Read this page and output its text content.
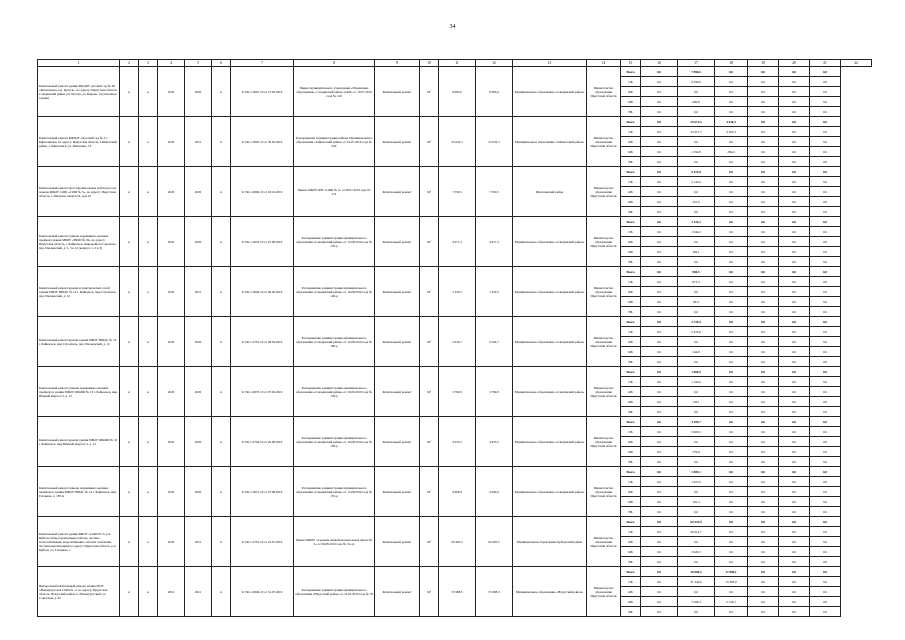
34
1	2	3	4	5	6	7	8	9	10	11	12	13	14	15	16	17	18	19	20	21	22
Капитальный ремонт здания МКДОУ детский сад № 48 «Капитошка» р.п. Култук», по адресу: Иркутская область, Слюдянский район, рп. Култук, ул. Кирова, 14 (Основное здание)	н	н	2020	2020	н	9/156-1-0007-19 от 27.05.2019	Приказ муниципального учреждения «Управление образования», Слюдянский район «СКО» от 19.07.2019 года № 149	Капитальный ремонт	М²	9 083,6	9 083,6	Муниципальное образование «Слюдянский район»	Министерство образования Иркутской области	Всего	0,0	7 890,6	0,0	0,0	0,0	0,0	
														ОБ	0,0	6 599,9	0,0	0,0	0,0	0,0	
														ФБ	0,0	0,0	0,0	0,0	0,0	0,0	
														МБ	0,0	690,8	0,0	0,0	0,0	0,0	
														ВБ	0,0	0,0	0,0	0,0	0,0	0,0	
Капитальный ремонт МБДОУ «Детский сад № 3 г. Бирюсинска» по адресу: Иркутская область, Тайшетский район, г. Бирюсинск, ул. Шевченко, 14	н	к	2020	2021	н	9/156-1-0020-19 от 30.05.2019	Распоряжение Администрации района Муниципального образования «Тайшетский район» от 19.07.2019 года № 620	Капитальный ремонт	М²	25 632,5	25 632,5	Муниципальное образование «Тайшетский район»	Министерство образования Иркутской области	Всего	0,0	25 672,5	4 646,3	0,0	0,0	0,0	
														ОБ	0,0	24 317,7	4 502,3	0,0	0,0	0,0	
														ФБ	0,0	0,0	0,0	0,0	0,0	0,0	
														МБ	0,0	1 354,8	284,0	0,0	0,0	0,0	
														ВБ	0,0	0,0	0,0	0,0	0,0	0,0	
Капитальный ремонт (восстановительные работы) после пожара МКОУ СОШ «СОШ № 5», по адресу: Иркутская область, г. Шелехов, квартал 8, дом 19	н	н	2020	2020	н	9/156-1-0060-19 от 18.10.2019	Приказ МКОУ ШР «СОШ № 5» от 08.07.2019 года № 272	Капитальный ремонт	М²	7 350,5	7 350,5	Шелеховский район	Министерство образования Иркутской области	Всего	0,0	5 475,8	0,0	0,0	0,0	0,0	
														ОБ	0,0	5 143,9	0,0	0,0	0,0	0,0	
														ФБ	0,0	0,0	0,0	0,0	0,0	0,0	
														МБ	0,0	331,9	0,0	0,0	0,0	0,0	
														ВБ	0,0	0,0	0,0	0,0	0,0	0,0	
Капитальный ремонт (замена деревянных оконных проёмов) здания МБОУ «НОШ № 36» по адресу: Иркутская область, г. Байкальск, микрорайон Строитель, пер. Пионерский, д. 3, 3 в 12 (корпуса 1, 2 и 3)	н	н	2020	2020	н	9/156-1-0052-19 от 07.08.2019	Распоряжение администрации муниципального образования «Слюдянский район» от 15.08.2019 года № 176-р	Капитальный ремонт	М²	4 971,3	4 971,3	Муниципальное образование «Слюдянский район»	Министерство образования Иркутской области	Всего	0,0	2 124,2	0,0	0,0	0,0	0,0	
														ОБ	0,0	1 942,2	0,0	0,0	0,0	0,0	
														ФБ	0,0	0,0	0,0	0,0	0,0	0,0	
														МБ	0,0	182,1	0,0	0,0	0,0	0,0	
														ВБ	0,0	0,0	0,0	0,0	0,0	0,0	
Капитальный ремонт кровли и электрических сетей здания МБОУ НШДС № 16 г. Байкальск, мкр Строитель, пер. Пионерский, д. 12	н	к	2020	2021	н	9/156-1-0049-19 от 06.06.2019	Распоряжение администрации муниципального образования «Слюдянский район» от 16.08.2019 года № 149-р	Капитальный ремонт	М²	1 350,5	1 350,5	Муниципальное образование «Слюдянский район»	Министерство образования Иркутской области	Всего	0,0	980,5	0,0	0,0	0,0	0,0	
														ОБ	0,0	871,3	0,0	0,0	0,0	0,0	
														ФБ	0,0	0,0	0,0	0,0	0,0	0,0	
														МБ	0,0	80,3	0,0	0,0	0,0	0,0	
														ВБ	0,0	0,0	0,0	0,0	0,0	0,0	
Капитальный ремонт кровли здания МБОУ НШДС № 16 г. Байкальск, мкр Строитель, пер. Пионерский, д. 12	н	н	2020	2020	н	9/156-1-0791-19 от 28.03.2019	Распоряжение администрации муниципального образования «Слюдянский район» от 12.08.2019 года № 190-р	Капитальный ремонт	М²	2 619,7	4 564,7	Муниципальное образование «Слюдянский район»	Министерство образования Иркутской области	Всего	0,0	2 719,4	0,0	0,0	0,0	0,0	
														ОБ	0,0	2 479,6	0,0	0,0	0,0	0,0	
														ФБ	0,0	0,0	0,0	0,0	0,0	0,0	
														МБ	0,0	244,8	0,0	0,0	0,0	0,0	
														ВБ	0,0	0,0	0,0	0,0	0,0	0,0	
Капитальный ремонт (замена деревянных оконных проёмов) в здании МБОУ ШКОШ № 10 г. Байкальск, мкр Южный квартал 3, д. 13	н	н	2020	2020	н	9/156-1-0037-19 от 07.06.2019	Распоряжение администрации муниципального образования «Слюдянский район» от 20.06.2019 года № 159-р	Капитальный ремонт	М²	3 790,9	3 790,9	Муниципальное образование «Слюдянский район»	Министерство образования Иркутской области	Всего	0,0	1 060,9	0,0	0,0	0,0	0,0	
														ОБ	0,0	1 106,6	0,0	0,0	0,0	0,0	
														ФБ	0,0	0,0	0,0	0,0	0,0	0,0	
														МБ	0,0	143,1	0,0	0,0	0,0	0,0	
														ВБ	0,0	0,0	0,0	0,0	0,0	0,0	
Капитальный ремонт кровли здания МБОУ ШКОШ № 10 г. Байкальск, мкр Южный квартал 3, д. 13	н	н	2020	2020	н	9/156-1-0794-19 от 20.08.2019	Распоряжение администрации муниципального образования «Слюдянский район» от 16.08.2019 года № 159-р	Капитальный ремонт	М²	4 655,5	4 655,5	Муниципальное образование «Слюдянский район»	Министерство образования Иркутской области	Всего	0,0	4 299,7	0,0	0,0	0,0	0,0	
														ОБ	0,0	3 963,5	0,0	0,0	0,0	0,0	
														ФБ	0,0	0,0	0,0	0,0	0,0	0,0	
														МБ	0,0	279,9	0,0	0,0	0,0	0,0	
														ВБ	0,0	0,0	0,0	0,0	0,0	0,0	
Капитальный ремонт (замена деревянных оконных проёмов) в здании МБОУ НШДС № 16 г. Байкальск, мкр Гагарина, д. 185/А	н	н	2020	2020	н	9/156-1-0051-19 от 07.08.2019	Распоряжение администрации муниципального образования «Слюдянский район» от 15.08.2019 года № 155-р	Капитальный ремонт	М²	4 069,8	4 069,6	Муниципальное образование «Слюдянский район»	Министерство образования Иркутской области	Всего	0,0	1 809,1	0,0	0,0	0,0	0,0	
														ОБ	0,0	1 627,9	0,0	0,0	0,0	0,0	
														ФБ	0,0	0,0	0,0	0,0	0,0	0,0	
														МБ	0,0	181,3	0,0	0,0	0,0	0,0	
														ВБ	0,0	0,0	0,0	0,0	0,0	0,0	
Капитальный ремонт здания МБОУ «СОШ № 3» р.п. Куйтун (общестроительные работы, система теплоснабжения, водоснабжения, система отопления, система канализации) по адресу: Иркутская область, р.п. Куйтун, ул. Гагарина, 1	н	к	2020	2021	н	9/156-1-0791-19 от 22.07.2019	Приказ МБОУ «Средняя общеобразовательная школа № 3» от 06.08.2019 года № 31-од	Капитальный ремонт	М²	60 495,5	60 495,5	Муниципальное образование Куйтунский район	Министерство образования Иркутской области	Всего	0,0	60 425,9	0,0	0,0	0,0	0,0	
														ОБ	0,0	56 614,7	0,0	0,0	0,0	0,0	
														ФБ	0,0	0,0	0,0	0,0	0,0	0,0	
														МБ	0,0	3 629,3	0,0	0,0	0,0	0,0	
														ВБ	0,0	0,0	0,0	0,0	0,0	0,0	
Выборочный капитальный ремонт здания МОУ «Новонукутская СОШ № 1» по адресу: Иркутская область, Нукутский район, п. Новонукутский, ул. Советская, д. 92	н	н	2019	2021	н	9/156-1-0049-19 от 31.07.2019	Распоряжение администрации муниципального образования «Нукутский район» от 14.03.2019 года № 78	Капитальный ремонт	М²	55 988,5	55 988,3	Муниципальное образование «Нукутский район»	Министерство образования Иркутской области	Всего	0,0	38 906,2	17 886,1	0,0	0,0	0,0	
														ОБ	0,0	31 336,9	15 383,0	0,0	0,0	0,0	
														ФБ	0,0	0,0	0,0	0,0	0,0	0,0	
														МБ	0,0	7 569,3	2 136,1	0,0	0,0	0,0	
														ВБ	0,0	0,0	0,0	0,0	0,0	0,0	
